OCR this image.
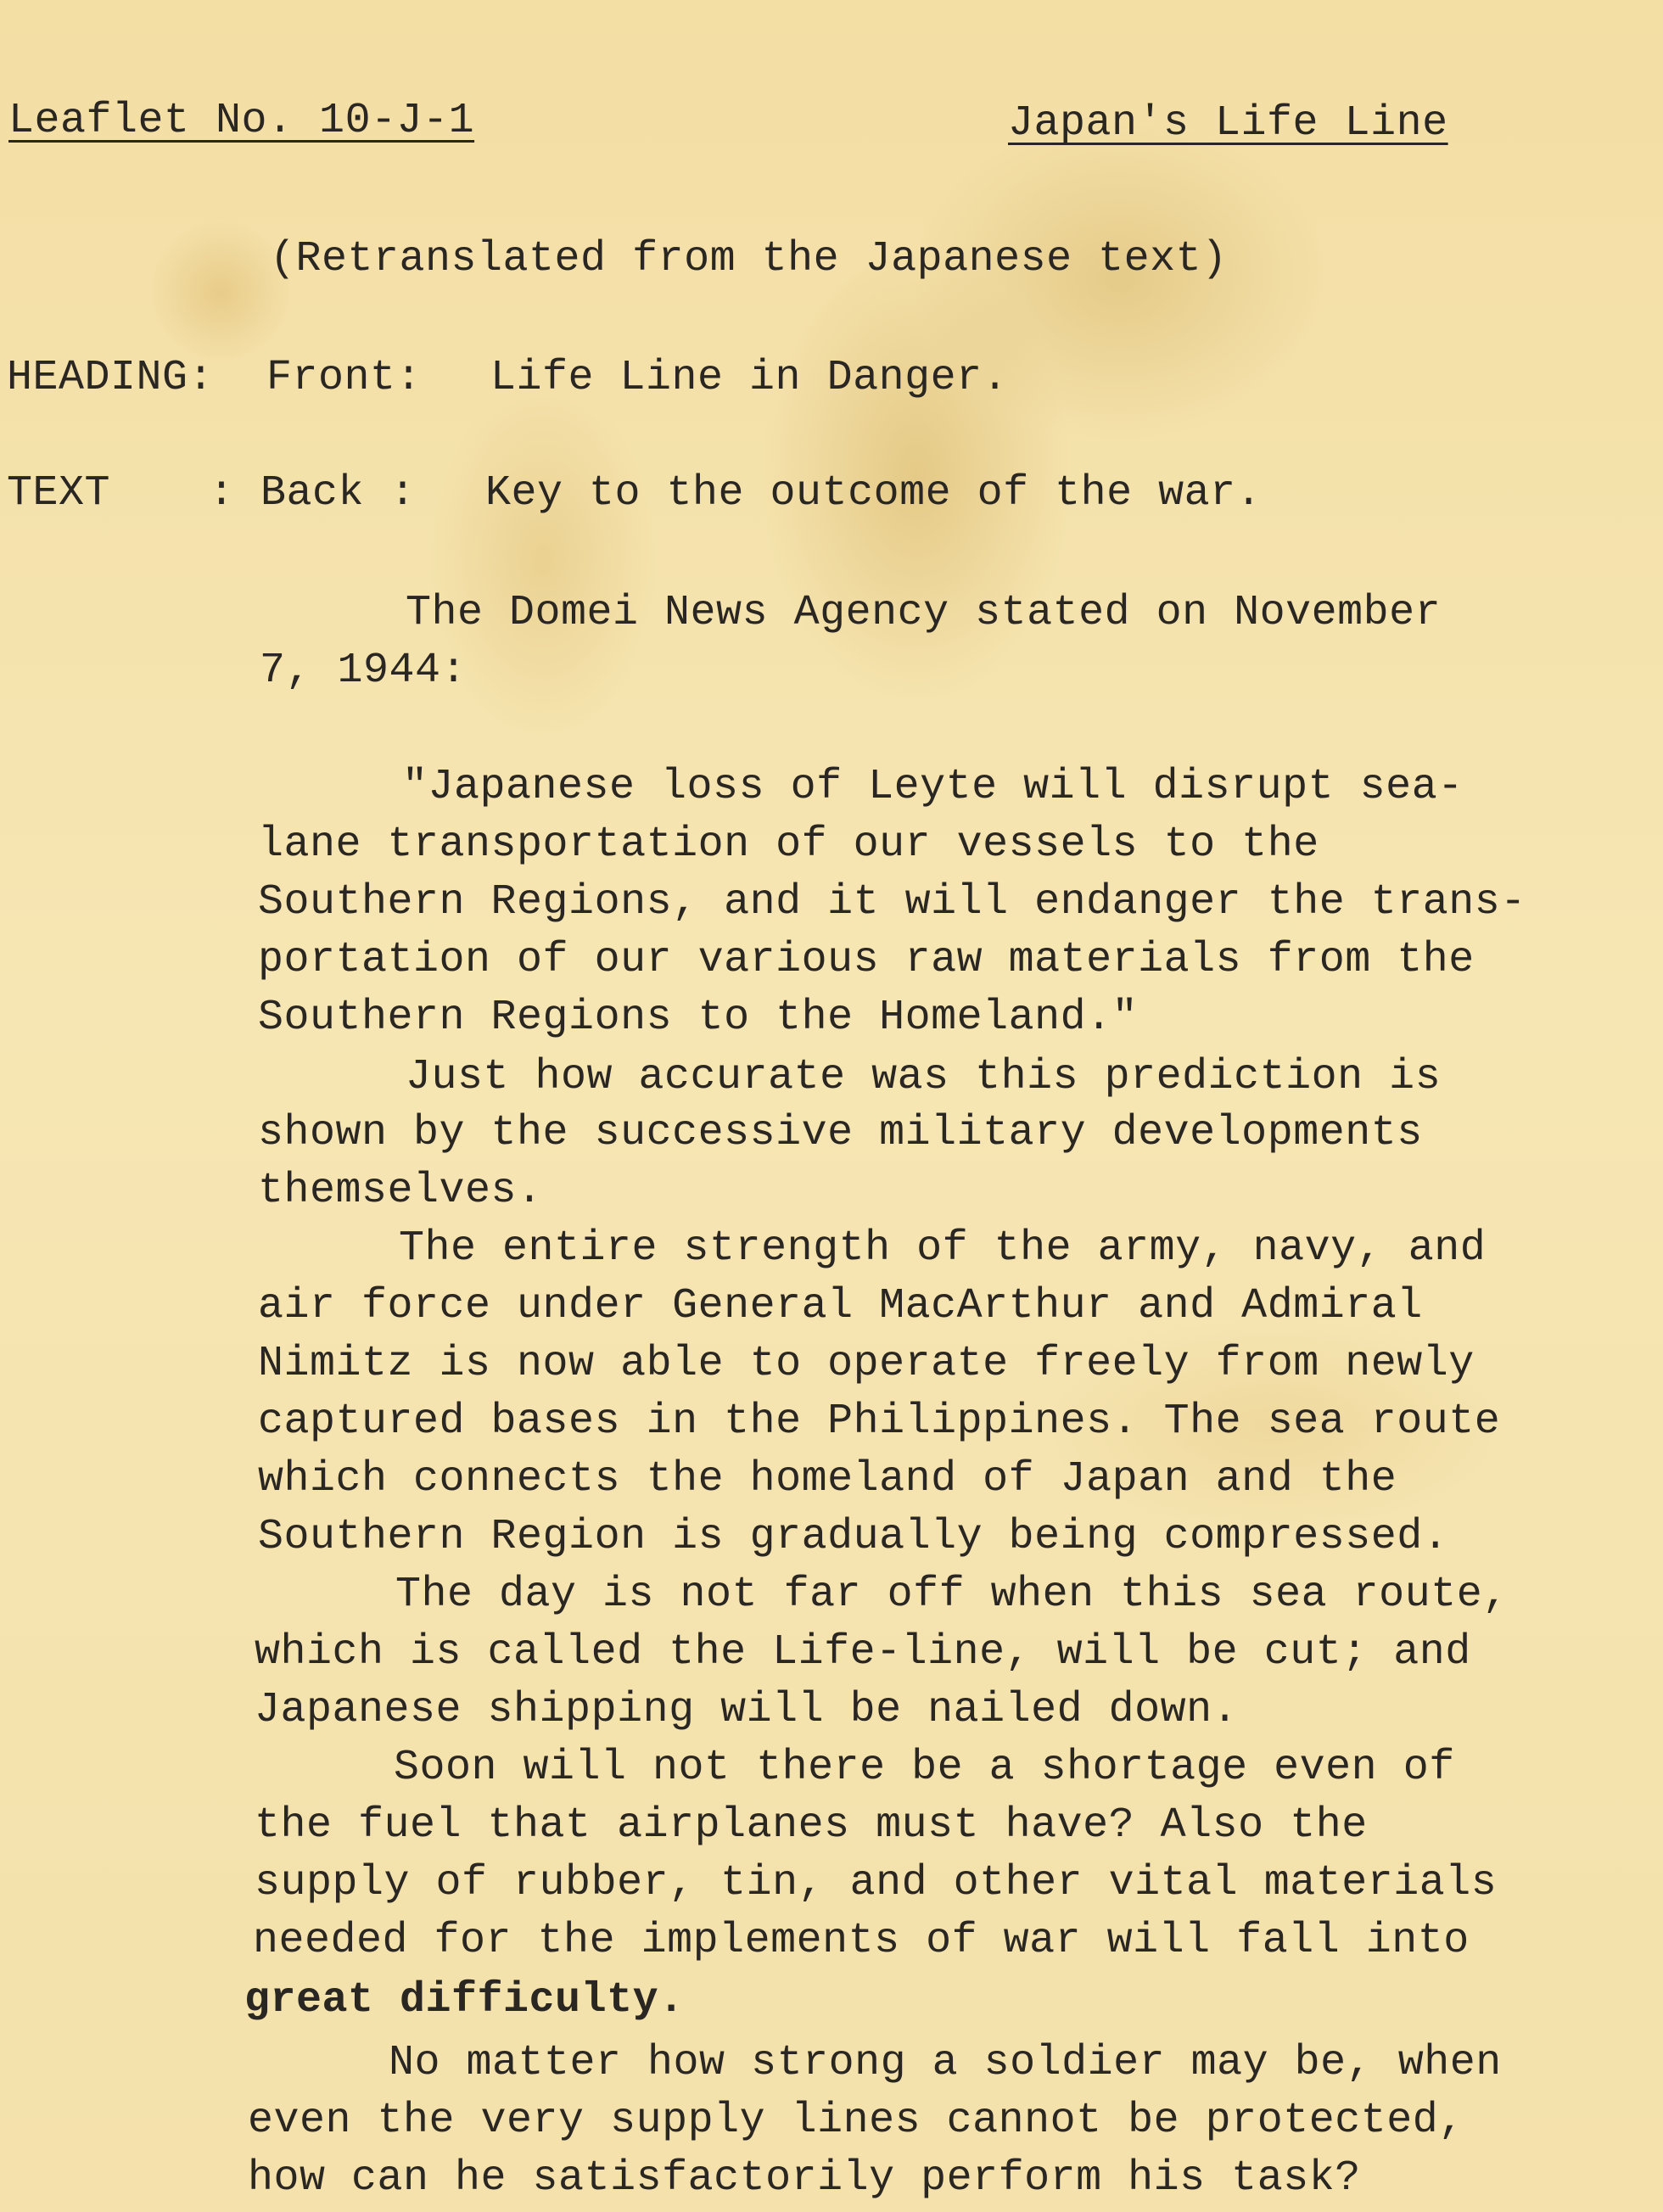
Leaflet No. 10-J-1	Japan's Life Line
(Retranslated from the Japanese text)
HEADING: Front: Life Line in Danger.
TEXT : Back : Key to the outcome of the war.
The Domei News Agency stated on November
7, 1944:
"Japanese loss of Leyte will disrupt sea-
lane transportation of our vessels to the
Southern Regions, and it will endanger the trans-
portation of our various raw materials from the
Southern Regions to the Homeland."
Just how accurate was this prediction is
shown by the successive military developments
themselves.
The entire strength of the army, navy, and
air force under General MacArthur and Admiral
Nimitz is now able to operate freely from newly
captured bases in the Philippines. The sea route
which connects the homeland of Japan and the
Southern Region is gradually being compressed.
The day is not far off when this sea route,
which is called the Life-line, will be cut; and
Japanese shipping will be nailed down.
Soon will not there be a shortage even of
the fuel that airplanes must have? Also the
supply of rubber, tin, and other vital materials
needed for the implements of war will fall into
great difficulty.
No matter how strong a soldier may be, when
even the very supply lines cannot be protected,
how can he satisfactorily perform his task?
